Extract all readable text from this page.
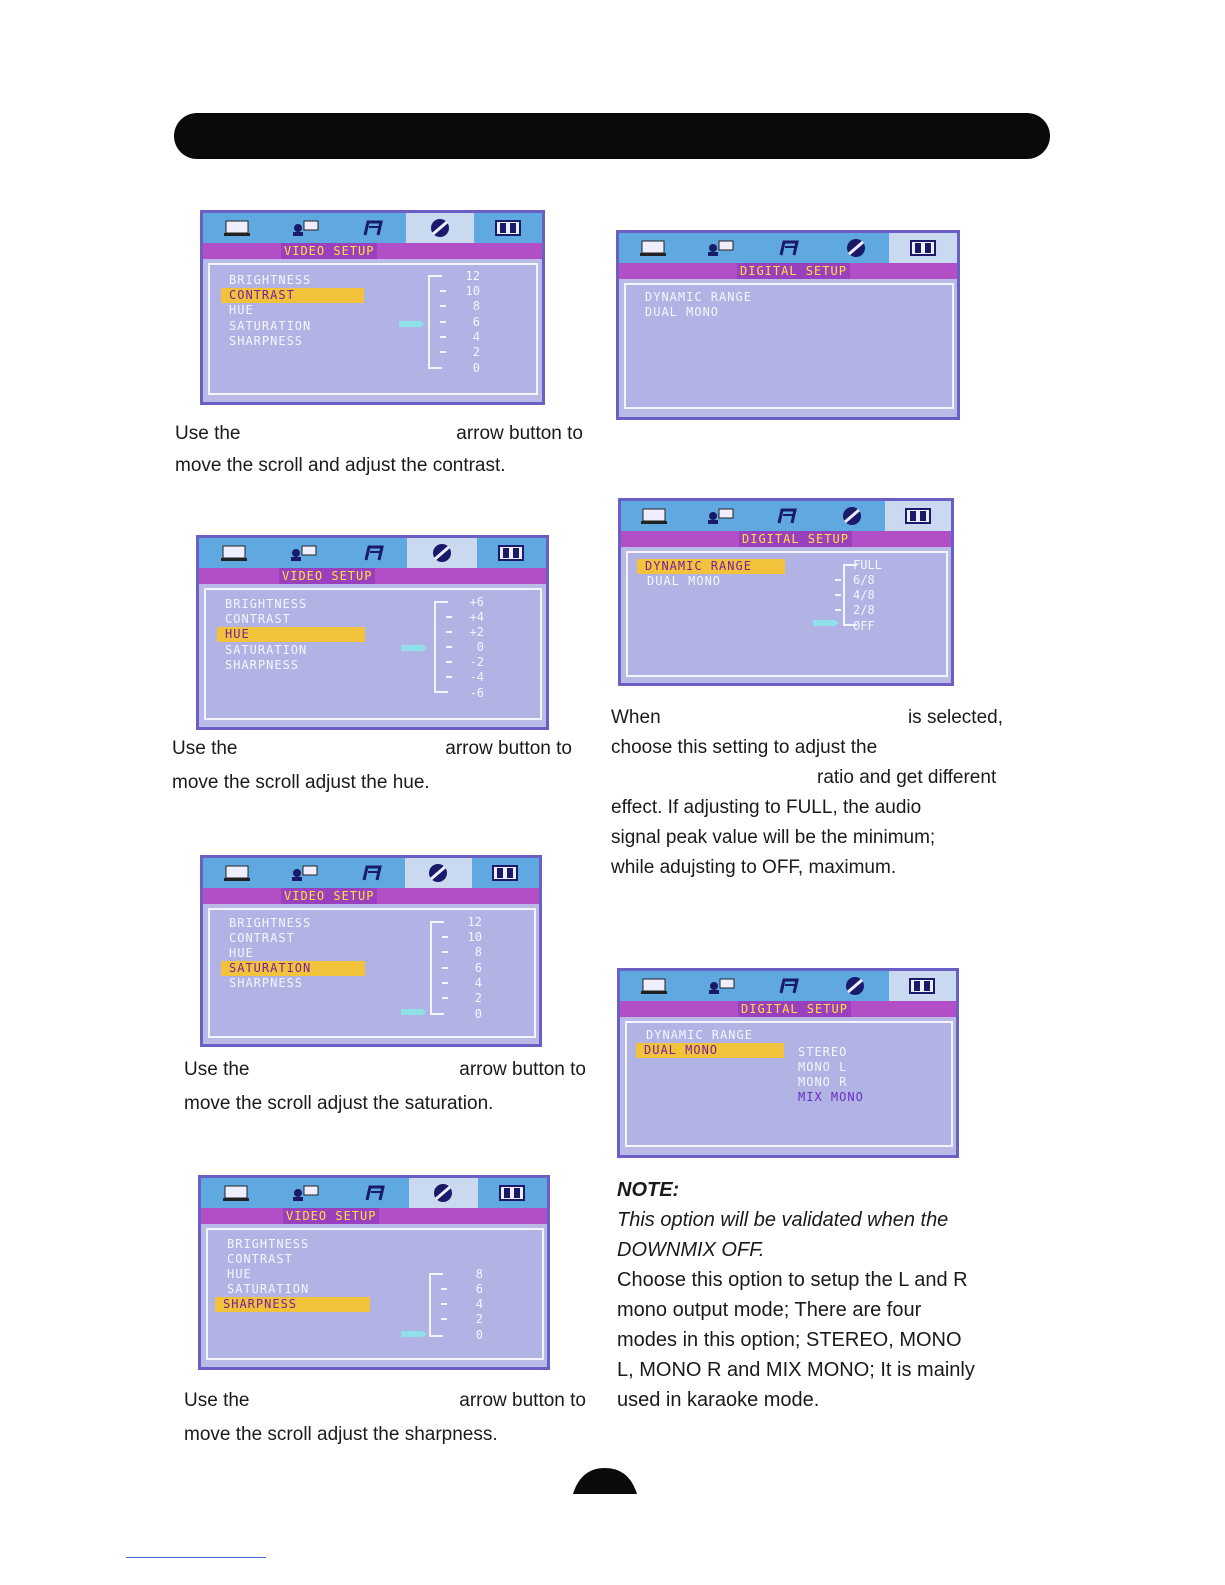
VIDEO SETUP
BRIGHTNESS
CONTRAST
HUE
SATURATION
SHARPNESS
12
10
8
6
4
2
0
VIDEO SETUP
BRIGHTNESS
CONTRAST
HUE
SATURATION
SHARPNESS
+6
+4
+2
0
-2
-4
-6
VIDEO SETUP
BRIGHTNESS
CONTRAST
HUE
SATURATION
SHARPNESS
12
10
8
6
4
2
0
VIDEO SETUP
BRIGHTNESS
CONTRAST
HUE
SATURATION
SHARPNESS
8
6
4
2
0
DIGITAL SETUP
DYNAMIC RANGE
DUAL MONO
DIGITAL SETUP
DYNAMIC RANGE
DUAL MONO
FULL
6/8
4/8
2/8
OFF
DIGITAL SETUP
DYNAMIC RANGE
DUAL MONO	STEREO
MONO L
MONO R
MIX MONO
Use the	arrow button to
move the scroll and adjust the contrast.
Use the	arrow button to
move the scroll adjust the hue.
Use the	arrow button to
move the scroll adjust the saturation.
Use the	arrow button to
move the scroll adjust the sharpness.
When	is selected,
choose this setting to adjust the
ratio and get different
effect. If adjusting to FULL, the audio
signal peak value will be the minimum;
while adujsting to OFF, maximum.
NOTE:
This option will be validated when the
DOWNMIX OFF.
Choose this option to setup the L and R
mono output mode; There are four
modes in this option; STEREO, MONO
L, MONO R and MIX MONO; It is mainly
used in karaoke mode.
